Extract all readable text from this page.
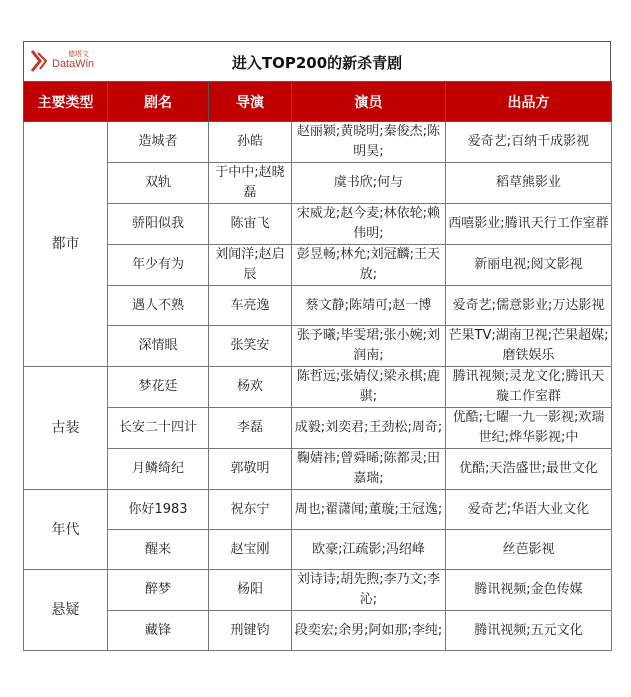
德塔文
DataWin	进入TOP200的新杀青剧
主要类型	剧名	导演	演员	出品方
都市	造城者	孙皓	赵丽颖;黄晓明;秦俊杰;陈明昊;	爱奇艺;百纳千成影视
	双轨	于中中;赵晓磊	虞书欣;何与	稻草熊影业
	骄阳似我	陈宙飞	宋威龙;赵今麦;林依轮;赖伟明;	西嘻影业;腾讯天行工作室群
	年少有为	刘闻洋;赵启辰	彭昱畅;林允;刘冠麟;王天放;	新丽电视;阅文影视
	遇人不熟	车亮逸	蔡文静;陈靖可;赵一博	爱奇艺;儒意影业;万达影视
	深情眼	张笑安	张予曦;毕雯珺;张小婉;刘润南;	芒果TV;湖南卫视;芒果超媒;磨铁娱乐
古装	梦花廷	杨欢	陈哲远;张婧仪;梁永棋;鹿骐;	腾讯视频;灵龙文化;腾讯天璇工作室群
	长安二十四计	李磊	成毅;刘奕君;王劲松;周奇;	优酷;七曜一九一影视;欢瑞世纪;烨华影视;中
	月鳞绮纪	郭敬明	鞠婧祎;曾舜晞;陈都灵;田嘉瑞;	优酷;天浩盛世;最世文化
年代	你好1983	祝东宁	周也;翟潇闻;董璇;王冠逸;	爱奇艺;华语大业文化
	醒来	赵宝刚	欧豪;江疏影;冯绍峰	丝芭影视
悬疑	醉梦	杨阳	刘诗诗;胡先煦;李乃文;李沁;	腾讯视频;金色传媒
	藏锋	刑键钧	段奕宏;余男;阿如那;李纯;	腾讯视频;五元文化
